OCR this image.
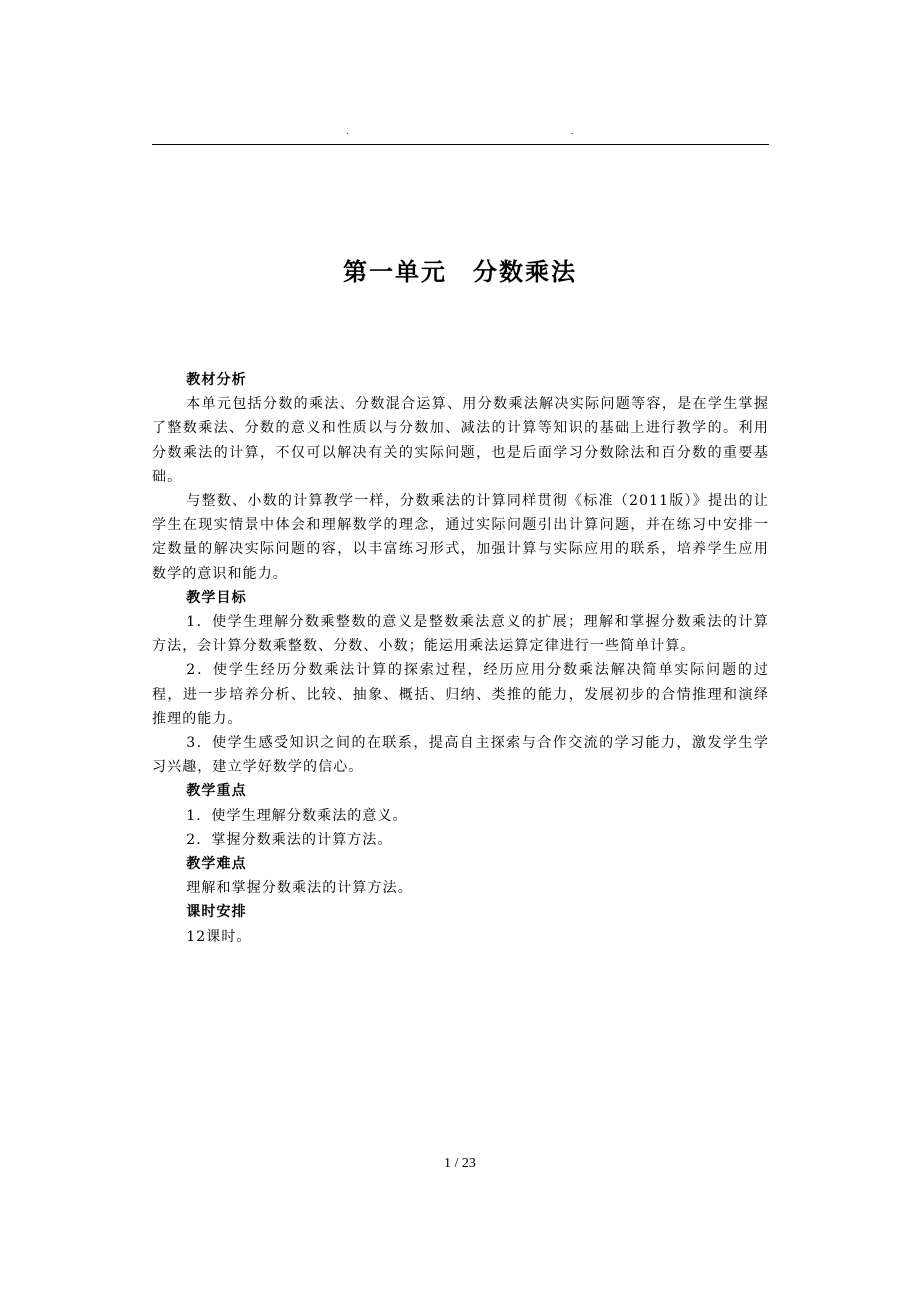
.	.
第一单元　分数乘法

教材分析

本单元包括分数的乘法、分数混合运算、用分数乘法解决实际问题等容，是在学生掌握了整数乘法、分数的意义和性质以与分数加、减法的计算等知识的基础上进行教学的。利用分数乘法的计算，不仅可以解决有关的实际问题，也是后面学习分数除法和百分数的重要基础。

与整数、小数的计算教学一样，分数乘法的计算同样贯彻《标准（2011版）》提出的让学生在现实情景中体会和理解数学的理念，通过实际问题引出计算问题，并在练习中安排一定数量的解决实际问题的容，以丰富练习形式，加强计算与实际应用的联系，培养学生应用数学的意识和能力。

教学目标

1．使学生理解分数乘整数的意义是整数乘法意义的扩展；理解和掌握分数乘法的计算方法，会计算分数乘整数、分数、小数；能运用乘法运算定律进行一些简单计算。

2．使学生经历分数乘法计算的探索过程，经历应用分数乘法解决简单实际问题的过程，进一步培养分析、比较、抽象、概括、归纳、类推的能力，发展初步的合情推理和演绎推理的能力。

3．使学生感受知识之间的在联系，提高自主探索与合作交流的学习能力，激发学生学习兴趣，建立学好数学的信心。

教学重点

1．使学生理解分数乘法的意义。

2．掌握分数乘法的计算方法。

教学难点

理解和掌握分数乘法的计算方法。

课时安排

12课时。

1 / 23
